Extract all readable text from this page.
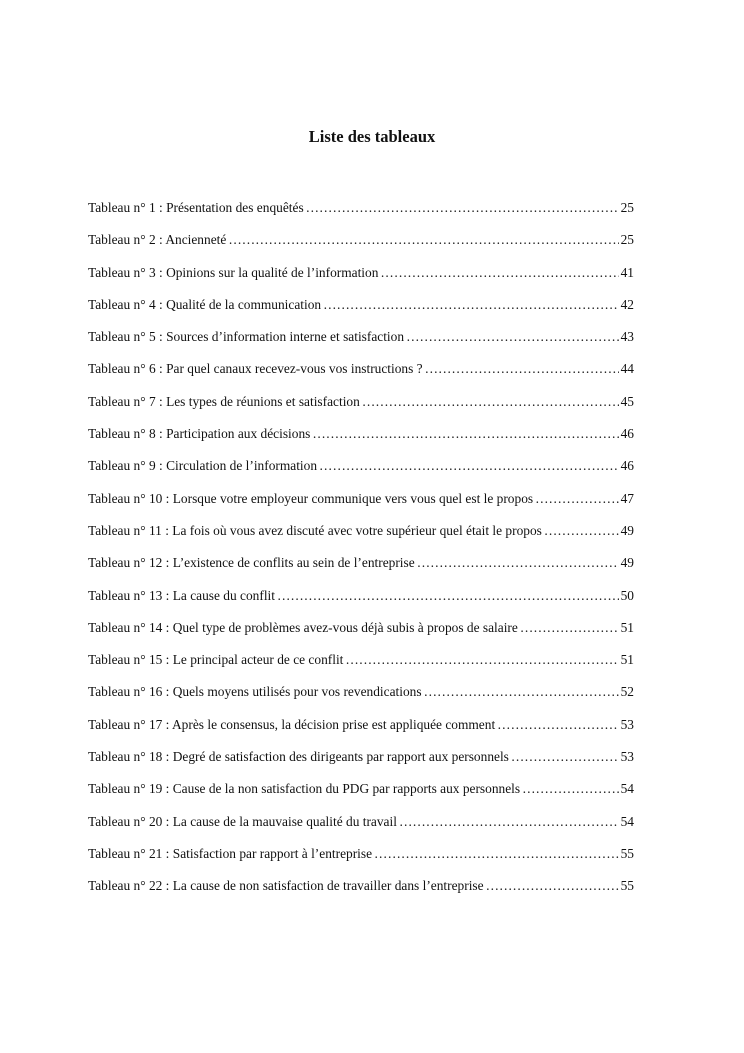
Liste des tableaux
Tableau n° 1 : Présentation des enquêtés ……………………………………………………………………………………………………………………	25
Tableau n° 2 : Ancienneté ……………………………………………………………………………………………………………………	25
Tableau n° 3 : Opinions sur la qualité de l’information ……………………………………………………………………………………………………………………	41
Tableau n° 4 : Qualité de la communication ……………………………………………………………………………………………………………………	42
Tableau n° 5 : Sources d’information interne et satisfaction ……………………………………………………………………………………………………………………	43
Tableau n° 6 : Par quel canaux recevez-vous vos instructions ? ……………………………………………………………………………………………………………………	44
Tableau n° 7 : Les types de réunions et satisfaction ……………………………………………………………………………………………………………………	45
Tableau n° 8 : Participation aux décisions ……………………………………………………………………………………………………………………	46
Tableau n° 9 : Circulation de l’information ……………………………………………………………………………………………………………………	46
Tableau n° 10 : Lorsque votre employeur communique vers vous quel est le propos ……………………………………………………………………………………………………………………	47
Tableau n° 11 : La fois où vous avez discuté avec votre supérieur quel était le propos ……………………………………………………………………………………………………………………	49
Tableau n° 12 : L’existence de conflits au sein de l’entreprise ……………………………………………………………………………………………………………………	49
Tableau n° 13 : La cause du conflit ……………………………………………………………………………………………………………………	50
Tableau n° 14 : Quel type de problèmes avez-vous déjà subis à propos de salaire ……………………………………………………………………………………………………………………	51
Tableau n° 15 : Le principal acteur de ce conflit ……………………………………………………………………………………………………………………	51
Tableau n° 16 : Quels moyens utilisés pour vos revendications ……………………………………………………………………………………………………………………	52
Tableau n° 17 : Après le consensus, la décision prise est appliquée comment ……………………………………………………………………………………………………………………	53
Tableau n° 18 : Degré de satisfaction des dirigeants par rapport aux personnels ……………………………………………………………………………………………………………………	53
Tableau n° 19 : Cause de la non satisfaction du PDG par rapports aux personnels ……………………………………………………………………………………………………………………	54
Tableau n° 20 : La cause de la mauvaise qualité du travail ……………………………………………………………………………………………………………………	54
Tableau n° 21 : Satisfaction par rapport à l’entreprise ……………………………………………………………………………………………………………………	55
Tableau n° 22 : La cause de non satisfaction de travailler dans l’entreprise ……………………………………………………………………………………………………………………	55
